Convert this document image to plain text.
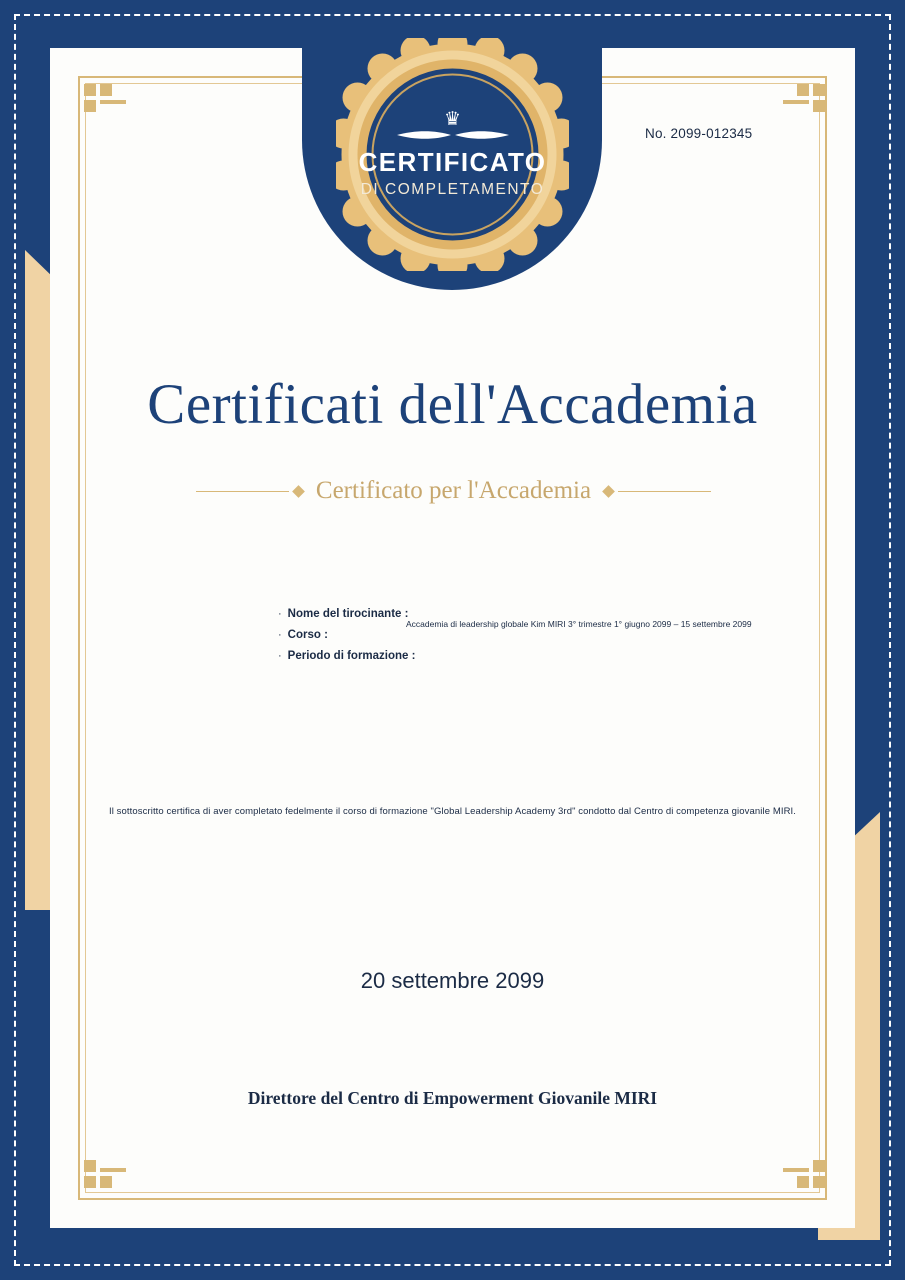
♛
CERTIFICATO
DI COMPLETAMENTO
No. 2099-012345
Certificati dell'Accademia
Certificato per l'Accademia
· Nome del tirocinante :
· Corso :
· Periodo di formazione :
Accademia di leadership globale Kim MIRI 3° trimestre 1° giugno 2099 – 15 settembre 2099
Il sottoscritto certifica di aver completato fedelmente il corso di formazione "Global Leadership Academy 3rd" condotto dal Centro di competenza giovanile MIRI.
20 settembre 2099
Direttore del Centro di Empowerment Giovanile MIRI
